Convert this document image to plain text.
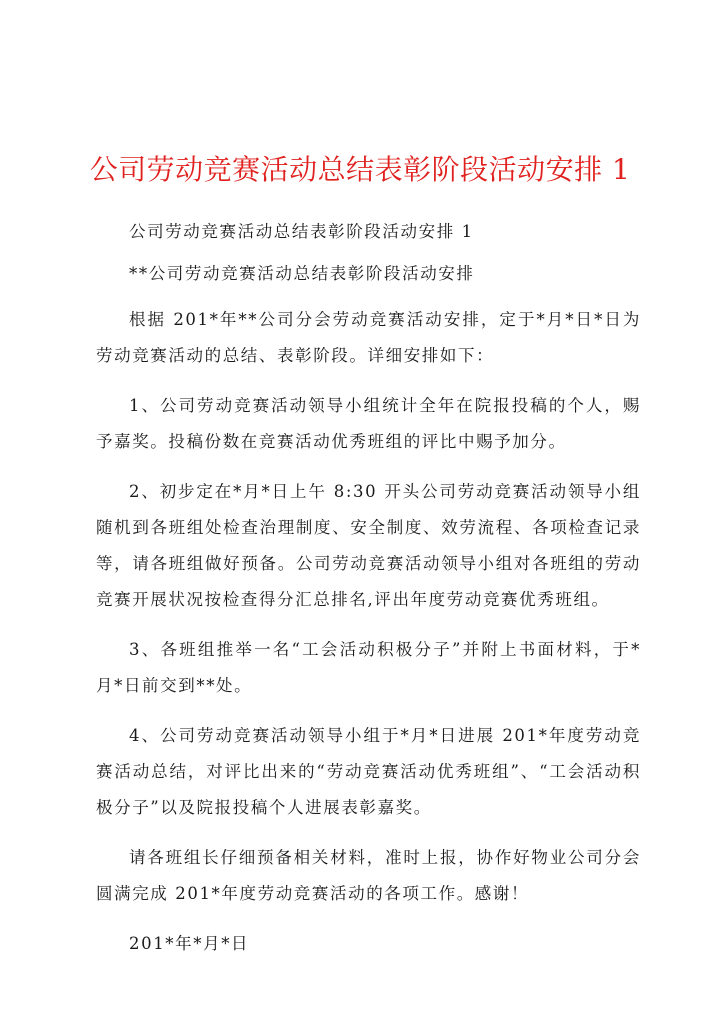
公司劳动竞赛活动总结表彰阶段活动安排 1

公司劳动竞赛活动总结表彰阶段活动安排 1

**公司劳动竞赛活动总结表彰阶段活动安排

根据 201*年**公司分会劳动竞赛活动安排，定于*月*日*日为劳动竞赛活动的总结、表彰阶段。详细安排如下：

1、公司劳动竞赛活动领导小组统计全年在院报投稿的个人，赐予嘉奖。投稿份数在竞赛活动优秀班组的评比中赐予加分。

2、初步定在*月*日上午 8:30 开头公司劳动竞赛活动领导小组随机到各班组处检查治理制度、安全制度、效劳流程、各项检查记录等，请各班组做好预备。公司劳动竞赛活动领导小组对各班组的劳动竞赛开展状况按检查得分汇总排名,评出年度劳动竞赛优秀班组。

3、各班组推举一名“工会活动积极分子”并附上书面材料，于*月*日前交到**处。

4、公司劳动竞赛活动领导小组于*月*日进展 201*年度劳动竞赛活动总结，对评比出来的“劳动竞赛活动优秀班组”、“工会活动积极分子”以及院报投稿个人进展表彰嘉奖。

请各班组长仔细预备相关材料，准时上报，协作好物业公司分会圆满完成 201*年度劳动竞赛活动的各项工作。感谢！

201*年*月*日
